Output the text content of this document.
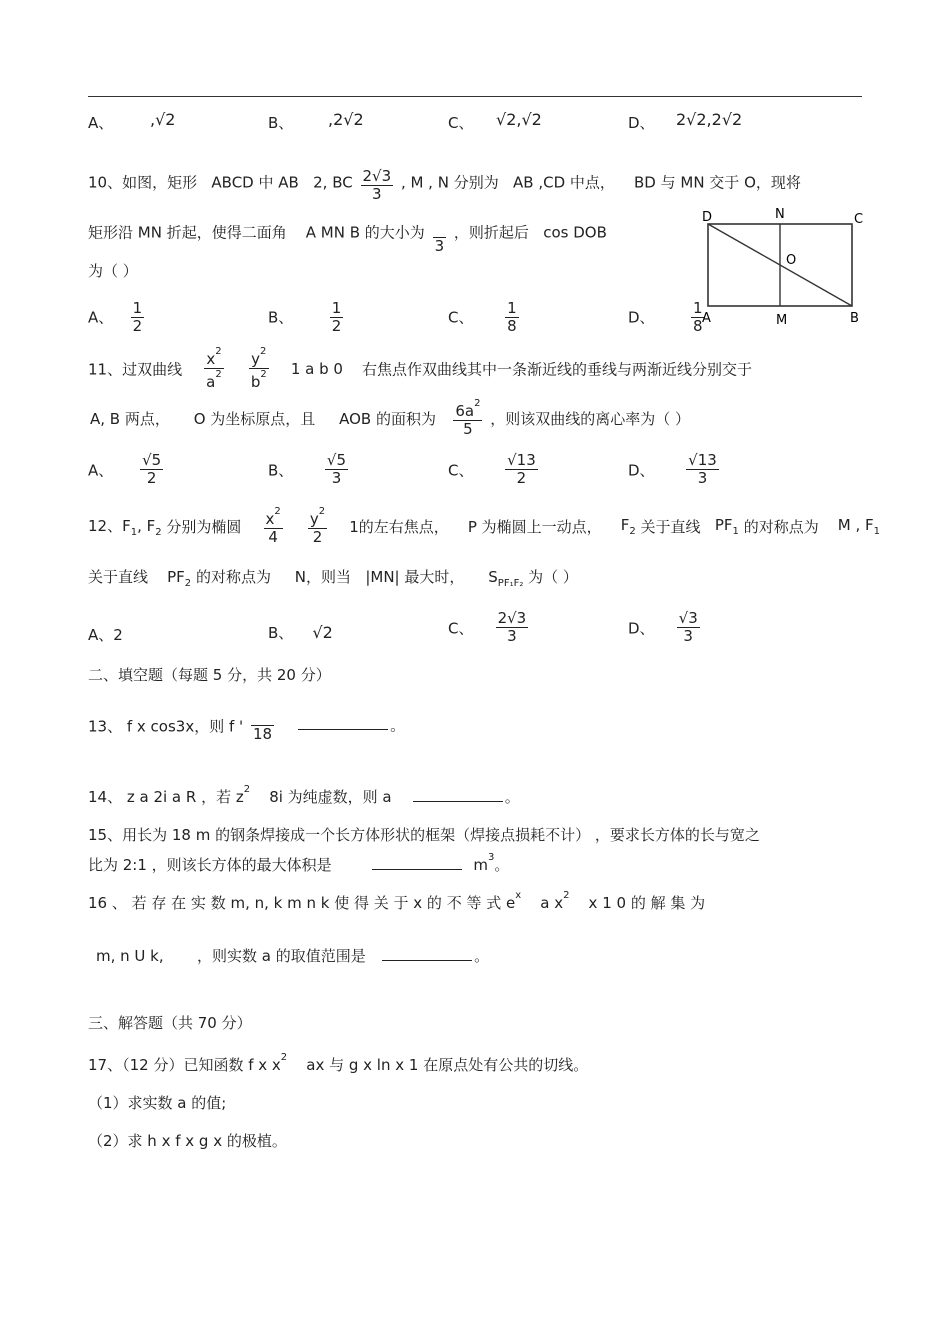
A、 ,√2	B、 ,2√2	C、 √2,√2	D、 2√2,2√2
10、如图，矩形 ABCD 中 AB 2, BC $\frac{2√3}{3}$ , M , N 分别为 AB ,CD 中点， BD 与 MN 交于 O，现将
矩形沿 MN 折起，使得二面角 A MN B 的大小为

3
，则折起后 cos DOB
为（ ）
A、 $\frac{1}{2}$	B、 $\frac{1}{2}$	C、 $\frac{1}{8}$	D、 $\frac{1}{8}$
D	N	C
O
A	M	B
11、过双曲线 $\frac{x^2}{a^2}$
$\frac{y^2}{b^2} 1$ a b 0 右焦点作双曲线其中一条渐近线的垂线与两渐近线分别交于
A, B 两点， O 为坐标原点，且 AOB 的面积为 $\frac{6a^2}{5}$ ，则该双曲线的离心率为（ ）
A、 $\frac{√5}{2}$	B、 $\frac{√5}{3}$	C、 $\frac{√13}{2}$	D、 $\frac{√13}{3}$
12、$F_1$, $F_2$ 分别为椭圆 $\frac{x^2}{4}$
$\frac{y^2}{2} 1$的左右焦点， P 为椭圆上一动点， $F_2$ 关于直线 $PF_1$ 的对称点为 M , $F_1$
关于直线 $PF_2$ 的对称点为 N，则当 |MN| 最大时， $S_{PF_1F_2}$ 为（ ）
A、2	B、 √2	C、 $\frac{2√3}{3}$	D、 $\frac{√3}{3}$
二、填空题（每题 5 分，共 20 分）
13、 f x cos3x，则 f '
18	。
14、 z a 2i a R ，若 $z^2$ 8i 为纯虚数，则 a	。
15、用长为 18 m 的钢条焊接成一个长方体形状的框架（焊接点损耗不计） ，要求长方体的长与宽之
比为 2:1 ，则该长方体的最大体积是	$m^3$。
16 、 若 存 在 实 数 m, n, k m n k 使 得 关 于 x 的 不 等 式 $e^x$ a $x^2$ x 1 0 的 解 集 为
m, n U k, ，则实数 a 的取值范围是	。
三、解答题（共 70 分）
17、（12 分）已知函数 f x $x^2$ ax 与 g x ln x 1 在原点处有公共的切线。
（1）求实数 a 的值;
（2）求 h x f x g x 的极植。
